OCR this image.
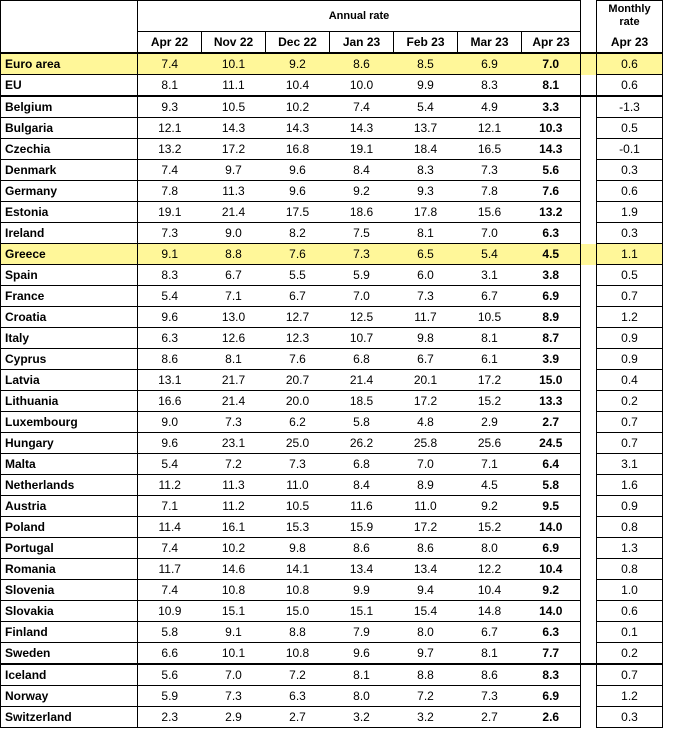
	Annual rate								Monthly
rate
	Apr 22	Nov 22	Dec 22	Jan 23	Feb 23	Mar 23	Apr 23		Apr 23
Euro area	7.4	10.1	9.2	8.6	8.5	6.9	7.0		0.6
EU	8.1	11.1	10.4	10.0	9.9	8.3	8.1		0.6
Belgium	9.3	10.5	10.2	7.4	5.4	4.9	3.3		-1.3
Bulgaria	12.1	14.3	14.3	14.3	13.7	12.1	10.3		0.5
Czechia	13.2	17.2	16.8	19.1	18.4	16.5	14.3		-0.1
Denmark	7.4	9.7	9.6	8.4	8.3	7.3	5.6		0.3
Germany	7.8	11.3	9.6	9.2	9.3	7.8	7.6		0.6
Estonia	19.1	21.4	17.5	18.6	17.8	15.6	13.2		1.9
Ireland	7.3	9.0	8.2	7.5	8.1	7.0	6.3		0.3
Greece	9.1	8.8	7.6	7.3	6.5	5.4	4.5		1.1
Spain	8.3	6.7	5.5	5.9	6.0	3.1	3.8		0.5
France	5.4	7.1	6.7	7.0	7.3	6.7	6.9		0.7
Croatia	9.6	13.0	12.7	12.5	11.7	10.5	8.9		1.2
Italy	6.3	12.6	12.3	10.7	9.8	8.1	8.7		0.9
Cyprus	8.6	8.1	7.6	6.8	6.7	6.1	3.9		0.9
Latvia	13.1	21.7	20.7	21.4	20.1	17.2	15.0		0.4
Lithuania	16.6	21.4	20.0	18.5	17.2	15.2	13.3		0.2
Luxembourg	9.0	7.3	6.2	5.8	4.8	2.9	2.7		0.7
Hungary	9.6	23.1	25.0	26.2	25.8	25.6	24.5		0.7
Malta	5.4	7.2	7.3	6.8	7.0	7.1	6.4		3.1
Netherlands	11.2	11.3	11.0	8.4	8.9	4.5	5.8		1.6
Austria	7.1	11.2	10.5	11.6	11.0	9.2	9.5		0.9
Poland	11.4	16.1	15.3	15.9	17.2	15.2	14.0		0.8
Portugal	7.4	10.2	9.8	8.6	8.6	8.0	6.9		1.3
Romania	11.7	14.6	14.1	13.4	13.4	12.2	10.4		0.8
Slovenia	7.4	10.8	10.8	9.9	9.4	10.4	9.2		1.0
Slovakia	10.9	15.1	15.0	15.1	15.4	14.8	14.0		0.6
Finland	5.8	9.1	8.8	7.9	8.0	6.7	6.3		0.1
Sweden	6.6	10.1	10.8	9.6	9.7	8.1	7.7		0.2
Iceland	5.6	7.0	7.2	8.1	8.8	8.6	8.3		0.7
Norway	5.9	7.3	6.3	8.0	7.2	7.3	6.9		1.2
Switzerland	2.3	2.9	2.7	3.2	3.2	2.7	2.6		0.3
